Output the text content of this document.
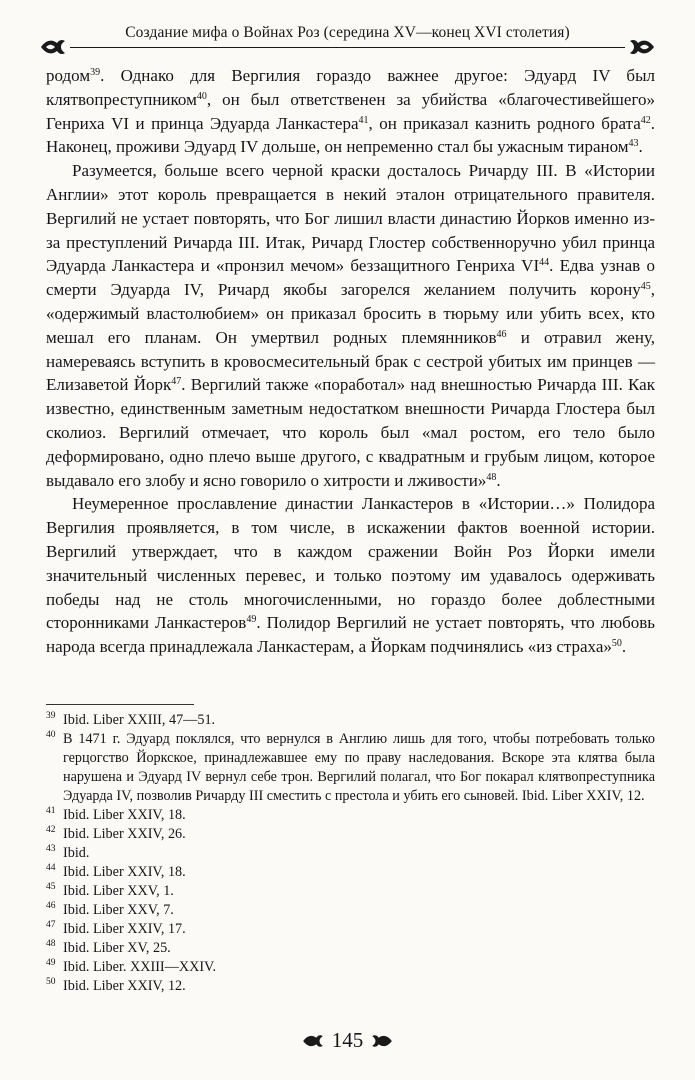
Создание мифа о Войнах Роз (середина XV—конец XVI столетия)

родом$^{39}$. Однако для Вергилия гораздо важнее другое: Эдуард IV был клятвопреступником$^{40}$, он был ответственен за убийства «благочестивейшего» Генриха VI и принца Эдуарда Ланкастера$^{41}$, он приказал казнить родного брата$^{42}$. Наконец, проживи Эдуард IV дольше, он непременно стал бы ужасным тираном$^{43}$.

Разумеется, больше всего черной краски досталось Ричарду III. В «Истории Англии» этот король превращается в некий эталон отрицательного правителя. Вергилий не устает повторять, что Бог лишил власти династию Йорков именно из-за преступлений Ричарда III. Итак, Ричард Глостер собственноручно убил принца Эдуарда Ланкастера и «пронзил мечом» беззащитного Генриха VI$^{44}$. Едва узнав о смерти Эдуарда IV, Ричард якобы загорелся желанием получить корону$^{45}$, «одержимый властолюбием» он приказал бросить в тюрьму или убить всех, кто мешал его планам. Он умертвил родных племянников$^{46}$ и отравил жену, намереваясь вступить в кровосмесительный брак с сестрой убитых им принцев — Елизаветой Йорк$^{47}$. Вергилий также «поработал» над внешностью Ричарда III. Как известно, единственным заметным недостатком внешности Ричарда Глостера был сколиоз. Вергилий отмечает, что король был «мал ростом, его тело было деформировано, одно плечо выше другого, с квадратным и грубым лицом, которое выдавало его злобу и ясно говорило о хитрости и лживости»$^{48}$.

Неумеренное прославление династии Ланкастеров в «Истории…» Полидора Вергилия проявляется, в том числе, в искажении фактов военной истории. Вергилий утверждает, что в каждом сражении Войн Роз Йорки имели значительный численных перевес, и только поэтому им удавалось одерживать победы над не столь многочисленными, но гораздо более доблестными сторонниками Ланкастеров$^{49}$. Полидор Вергилий не устает повторять, что любовь народа всегда принадлежала Ланкастерам, а Йоркам подчинялись «из страха»$^{50}$.

39 Ibid. Liber XXIII, 47—51.
40 В 1471 г. Эдуард поклялся, что вернулся в Англию лишь для того, чтобы потребовать только герцогство Йоркское, принадлежавшее ему по праву наследования. Вскоре эта клятва была нарушена и Эдуард IV вернул себе трон. Вергилий полагал, что Бог покарал клятвопреступника Эдуарда IV, позволив Ричарду III сместить с престола и убить его сыновей. Ibid. Liber XXIV, 12.
41 Ibid. Liber XXIV, 18.
42 Ibid. Liber XXIV, 26.
43 Ibid.
44 Ibid. Liber XXIV, 18.
45 Ibid. Liber XXV, 1.
46 Ibid. Liber XXV, 7.
47 Ibid. Liber XXIV, 17.
48 Ibid. Liber XV, 25.
49 Ibid. Liber. XXIII—XXIV.
50 Ibid. Liber XXIV, 12.
145
